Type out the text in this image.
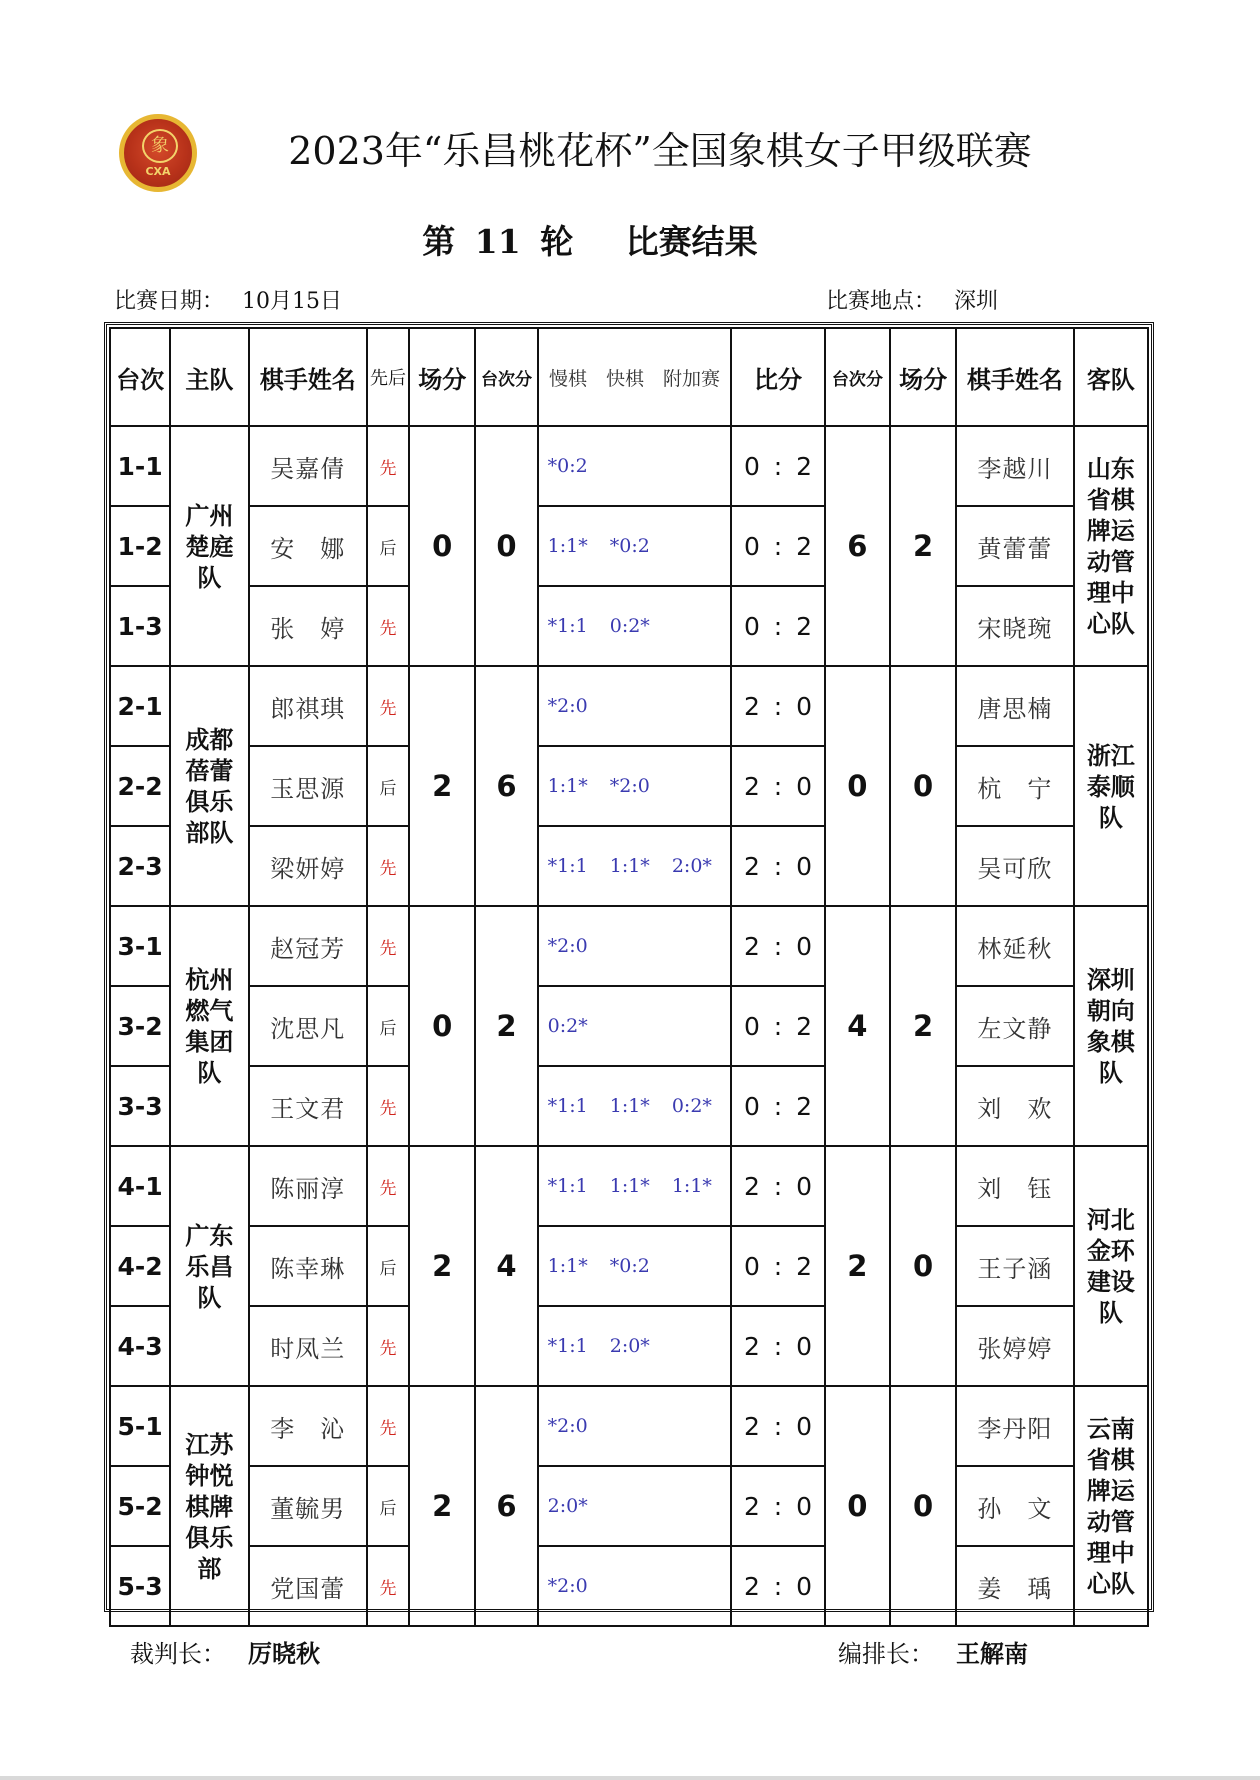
象
CXA	2023年“乐昌桃花杯”全国象棋女子甲级联赛
第 11 轮　 比赛结果
比赛日期： 10月15日	比赛地点： 深圳
台次	主队	棋手姓名	先后	场分	台次分	慢棋　快棋　附加赛	比分	台次分	场分	棋手姓名	客队
1-1	广州楚庭队	吴嘉倩	先	0	0	*0:2	0 : 2	6	2	李越川	山东省棋牌运动管理中心队
1-2		安　娜	后			1:1* *0:2	0 : 2			黄蕾蕾	
1-3		张　婷	先			*1:1 0:2*	0 : 2			宋晓琬	
2-1	成都蓓蕾俱乐部队	郎祺琪	先	2	6	*2:0	2 : 0	0	0	唐思楠	浙江泰顺队
2-2		玉思源	后			1:1* *2:0	2 : 0			杭　宁	
2-3		梁妍婷	先			*1:1 1:1* 2:0*	2 : 0			吴可欣	
3-1	杭州燃气集团队	赵冠芳	先	0	2	*2:0	2 : 0	4	2	林延秋	深圳朝向象棋队
3-2		沈思凡	后			0:2*	0 : 2			左文静	
3-3		王文君	先			*1:1 1:1* 0:2*	0 : 2			刘　欢	
4-1	广东乐昌队	陈丽淳	先	2	4	*1:1 1:1* 1:1*	2 : 0	2	0	刘　钰	河北金环建设队
4-2		陈幸琳	后			1:1* *0:2	0 : 2			王子涵	
4-3		时凤兰	先			*1:1 2:0*	2 : 0			张婷婷	
5-1	江苏钟悦棋牌俱乐部	李　沁	先	2	6	*2:0	2 : 0	0	0	李丹阳	云南省棋牌运动管理中心队
5-2		董毓男	后			2:0*	2 : 0			孙　文	
5-3		党国蕾	先			*2:0	2 : 0			姜　瑀	
裁判长： 厉晓秋	编排长： 王解南
